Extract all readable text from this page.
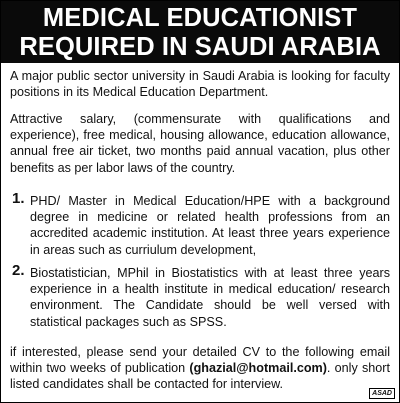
MEDICAL EDUCATIONIST
REQUIRED IN SAUDI ARABIA
A major public sector university in Saudi Arabia is looking for faculty positions in its Medical Education Department.
Attractive salary, (commensurate with qualifications and experience), free medical, housing allowance, education allowance, annual free air ticket, two months paid annual vacation, plus other benefits as per labor laws of the country.
1. PHD/ Master in Medical Education/HPE with a background degree in medicine or related health professions from an accredited academic institution. At least three years experience in areas such as curriulum development,
2. Biostatistician, MPhil in Biostatistics with at least three years experience in a health institute in medical education/ research environment. The Candidate should be well versed with statistical packages such as SPSS.
if interested, please send your detailed CV to the following email within two weeks of publication (ghazial@hotmail.com). only short listed candidates shall be contacted for interview.
ASAD
